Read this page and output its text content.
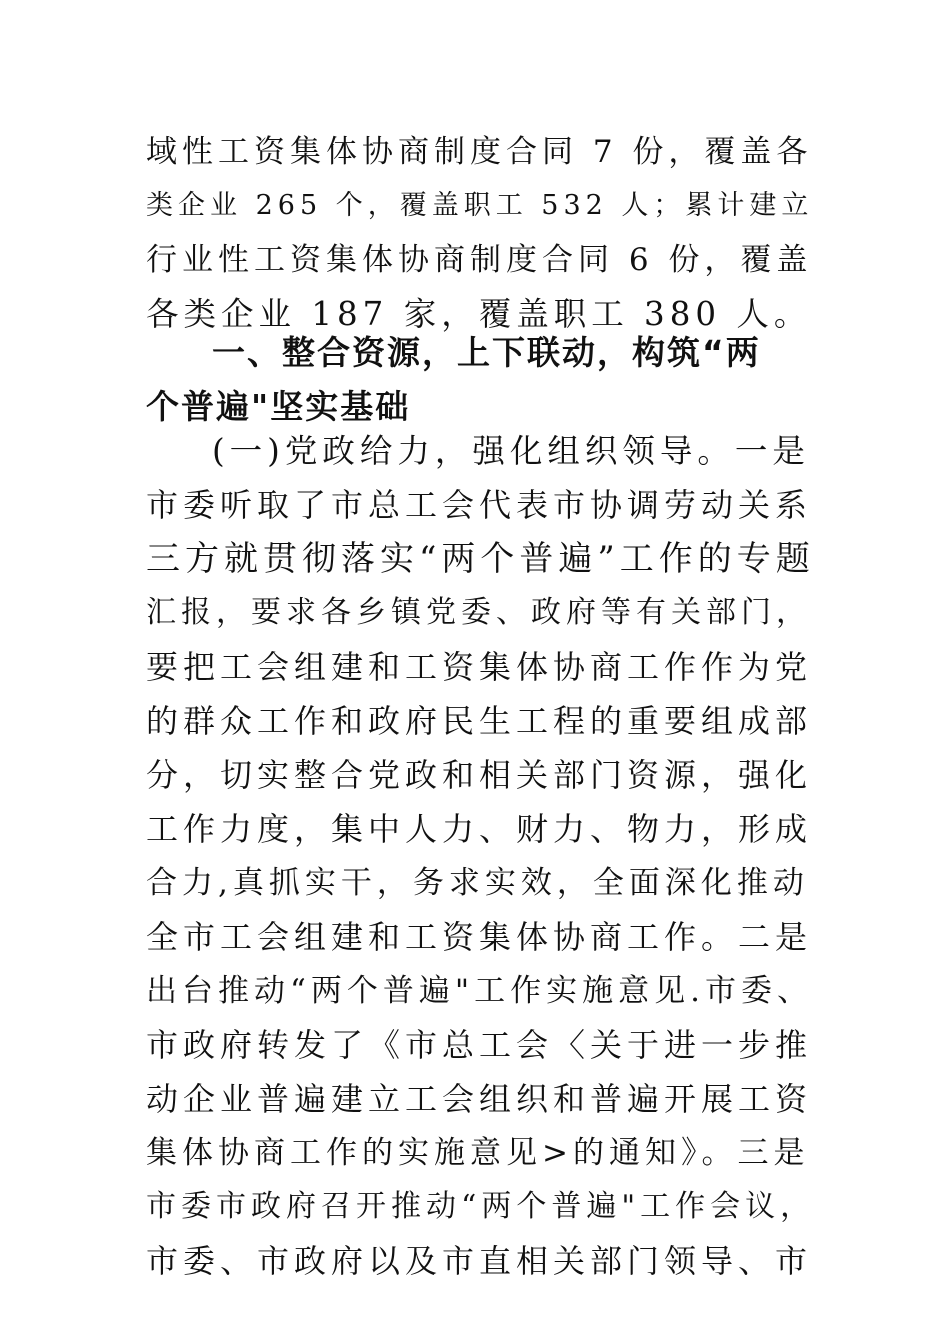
域性工资集体协商制度合同 7 份，覆盖各
类企业 265 个，覆盖职工 532 人；累计建立
行业性工资集体协商制度合同 6 份，覆盖
各类企业 187 家，覆盖职工 380 人。
一、整合资源，上下联动，构筑“两
个普遍"坚实基础
(一)党政给力，强化组织领导。一是
市委听取了市总工会代表市协调劳动关系
三方就贯彻落实“两个普遍”工作的专题
汇报，要求各乡镇党委、政府等有关部门，
要把工会组建和工资集体协商工作作为党
的群众工作和政府民生工程的重要组成部
分，切实整合党政和相关部门资源，强化
工作力度，集中人力、财力、物力，形成
合力,真抓实干，务求实效，全面深化推动
全市工会组建和工资集体协商工作。二是
出台推动“两个普遍"工作实施意见.市委、
市政府转发了《市总工会〈关于进一步推
动企业普遍建立工会组织和普遍开展工资
集体协商工作的实施意见>的通知》。三是
市委市政府召开推动“两个普遍"工作会议，
市委、市政府以及市直相关部门领导、市
